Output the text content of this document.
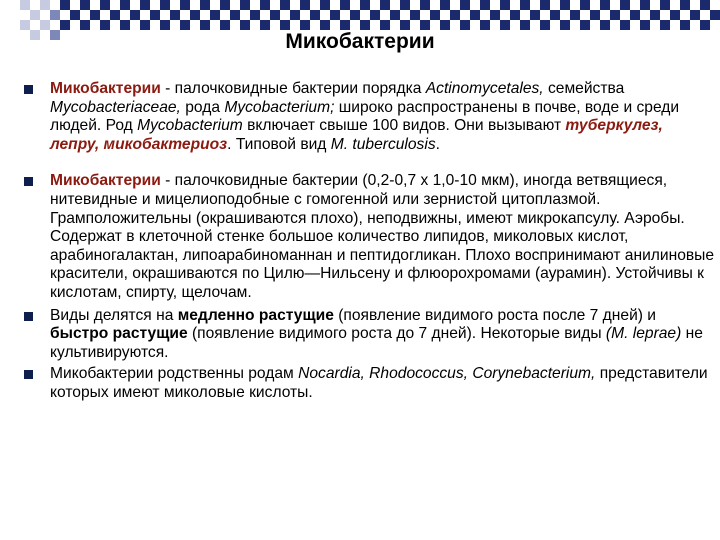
Микобактерии
Микобактерии - палочковидные бактерии порядка Actinomycetales, семейства Mycobacteriaceae, рода Mycobacterium; широко распространены в почве, воде и среди людей. Род Mycobacterium включает свыше 100 видов. Они вызывают туберкулез, лепру, микобактериоз. Типовой вид M. tuberculosis.
Микобактерии - палочковидные бактерии (0,2-0,7 х 1,0-10 мкм), иногда ветвящиеся, нитевидные и мицелиоподобные с гомогенной или зернистой цитоплазмой. Грамположительны (окрашиваются плохо), неподвижны, имеют микрокапсулу. Аэробы. Содержат в клеточной стенке большое количество липидов, миколовых кислот, арабиногалактан, липоарабиноманнан и пептидогликан. Плохо воспринимают анилиновые красители, окрашиваются по Цилю—Нильсену и флюорохромами (аурамин). Устойчивы к кислотам, спирту, щелочам.
Виды делятся на медленно растущие (появление видимого роста после 7 дней) и быстро растущие (появление видимого роста до 7 дней). Некоторые виды (M. leprae) не культивируются.
Микобактерии родственны родам Nocardia, Rhodococcus, Corynebacterium, представители которых имеют миколовые кислоты.
